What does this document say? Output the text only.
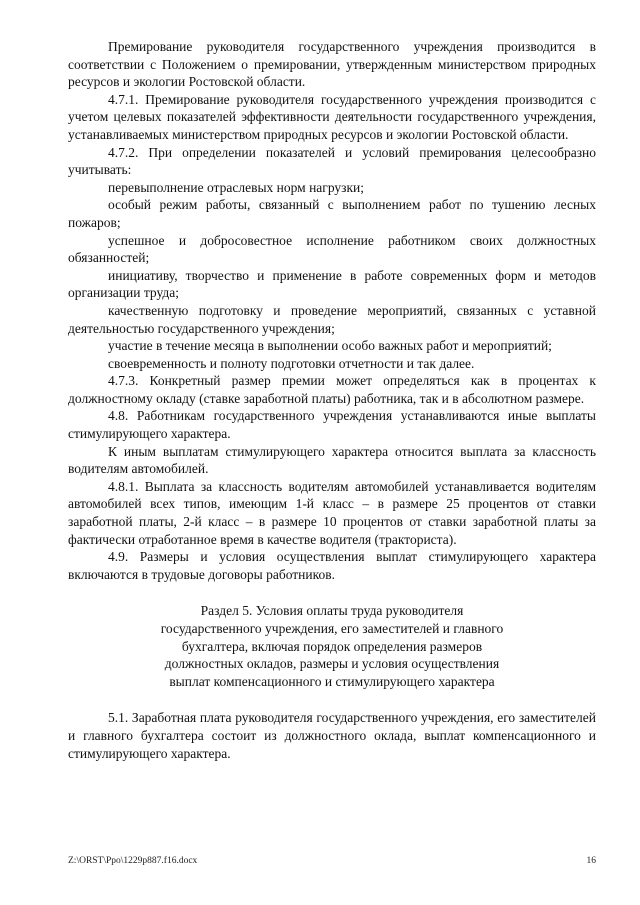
Премирование руководителя государственного учреждения производится в соответствии с Положением о премировании, утвержденным министерством природных ресурсов и экологии Ростовской области.

4.7.1. Премирование руководителя государственного учреждения производится с учетом целевых показателей эффективности деятельности государственного учреждения, устанавливаемых министерством природных ресурсов и экологии Ростовской области.

4.7.2. При определении показателей и условий премирования целесообразно учитывать:

перевыполнение отраслевых норм нагрузки;

особый режим работы, связанный с выполнением работ по тушению лесных пожаров;

успешное и добросовестное исполнение работником своих должностных обязанностей;

инициативу, творчество и применение в работе современных форм и методов организации труда;

качественную подготовку и проведение мероприятий, связанных с уставной деятельностью государственного учреждения;

участие в течение месяца в выполнении особо важных работ и мероприятий;

своевременность и полноту подготовки отчетности и так далее.

4.7.3. Конкретный размер премии может определяться как в процентах к должностному окладу (ставке заработной платы) работника, так и в абсолютном размере.

4.8. Работникам государственного учреждения устанавливаются иные выплаты стимулирующего характера.

К иным выплатам стимулирующего характера относится выплата за классность водителям автомобилей.

4.8.1. Выплата за классность водителям автомобилей устанавливается водителям автомобилей всех типов, имеющим 1-й класс – в размере 25 процентов от ставки заработной платы, 2-й класс – в размере 10 процентов от ставки заработной платы за фактически отработанное время в качестве водителя (тракториста).

4.9. Размеры и условия осуществления выплат стимулирующего характера включаются в трудовые договоры работников.

Раздел 5. Условия оплаты труда руководителя

государственного учреждения, его заместителей и главного

бухгалтера, включая порядок определения размеров

должностных окладов, размеры и условия осуществления

выплат компенсационного и стимулирующего характера

5.1. Заработная плата руководителя государственного учреждения, его заместителей и главного бухгалтера состоит из должностного оклада, выплат компенсационного и стимулирующего характера.

Z:\ORST\Ppo\1229p887.f16.docx	16
